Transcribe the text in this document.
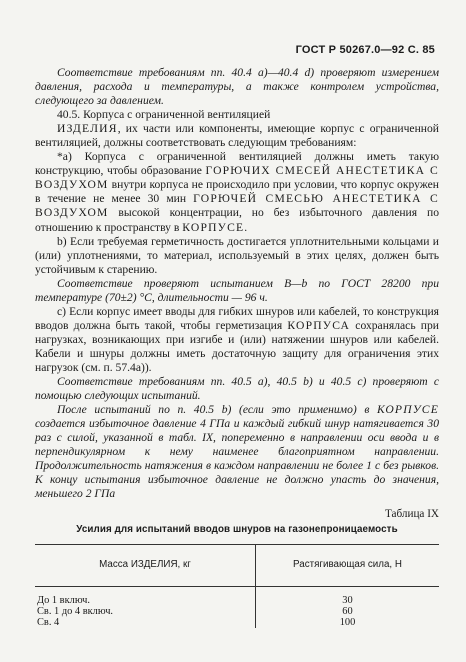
ГОСТ Р 50267.0—92 С. 85

Соответствие требованиям пп. 40.4 а)—40.4 d) проверяют измерением давления, расхода и температуры, а также контролем устройства, следующего за давлением.

40.5. Корпуса с ограниченной вентиляцией

ИЗДЕЛИЯ, их части или компоненты, имеющие корпус с ограниченной вентиляцией, должны соответствовать следующим требованиям:

*a) Корпуса с ограниченной вентиляцией должны иметь такую конструкцию, чтобы образование ГОРЮЧИХ СМЕСЕЙ АНЕСТЕТИКА С ВОЗДУХОМ внутри корпуса не происходило при условии, что корпус окружен в течение не менее 30 мин ГОРЮЧЕЙ СМЕСЬЮ АНЕСТЕТИКА С ВОЗДУХОМ высокой концентрации, но без избыточного давления по отношению к пространству в КОРПУСЕ.

b) Если требуемая герметичность достигается уплотнительными кольцами и (или) уплотнениями, то материал, используемый в этих целях, должен быть устойчивым к старению.

Соответствие проверяют испытанием B—b по ГОСТ 28200 при температуре (70±2) °С, длительности — 96 ч.

c) Если корпус имеет вводы для гибких шнуров или кабелей, то конструкция вводов должна быть такой, чтобы герметизация КОРПУСА сохранялась при нагрузках, возникающих при изгибе и (или) натяжении шнуров или кабелей. Кабели и шнуры должны иметь достаточную защиту для ограничения этих нагрузок (см. п. 57.4а)).

Соответствие требованиям пп. 40.5 а), 40.5 b) и 40.5 с) проверяют с помощью следующих испытаний.

После испытаний по п. 40.5 b) (если это применимо) в КОРПУСЕ создается избыточное давление 4 ГПа и каждый гибкий шнур натягивается 30 раз с силой, указанной в табл. IX, попеременно в направлении оси ввода и в перпендикулярном к нему наименее благоприятном направлении. Продолжительность натяжения в каждом направлении не более 1 с без рывков. К концу испытания избыточное давление не должно упасть до значения, меньшего 2 ГПа

Таблица IX
Усилия для испытаний вводов шнуров на газонепроницаемость
Масса ИЗДЕЛИЯ, кг	Растягивающая сила, Н
До 1 включ.	30
Св. 1 до 4 включ.	60
Св. 4	100
